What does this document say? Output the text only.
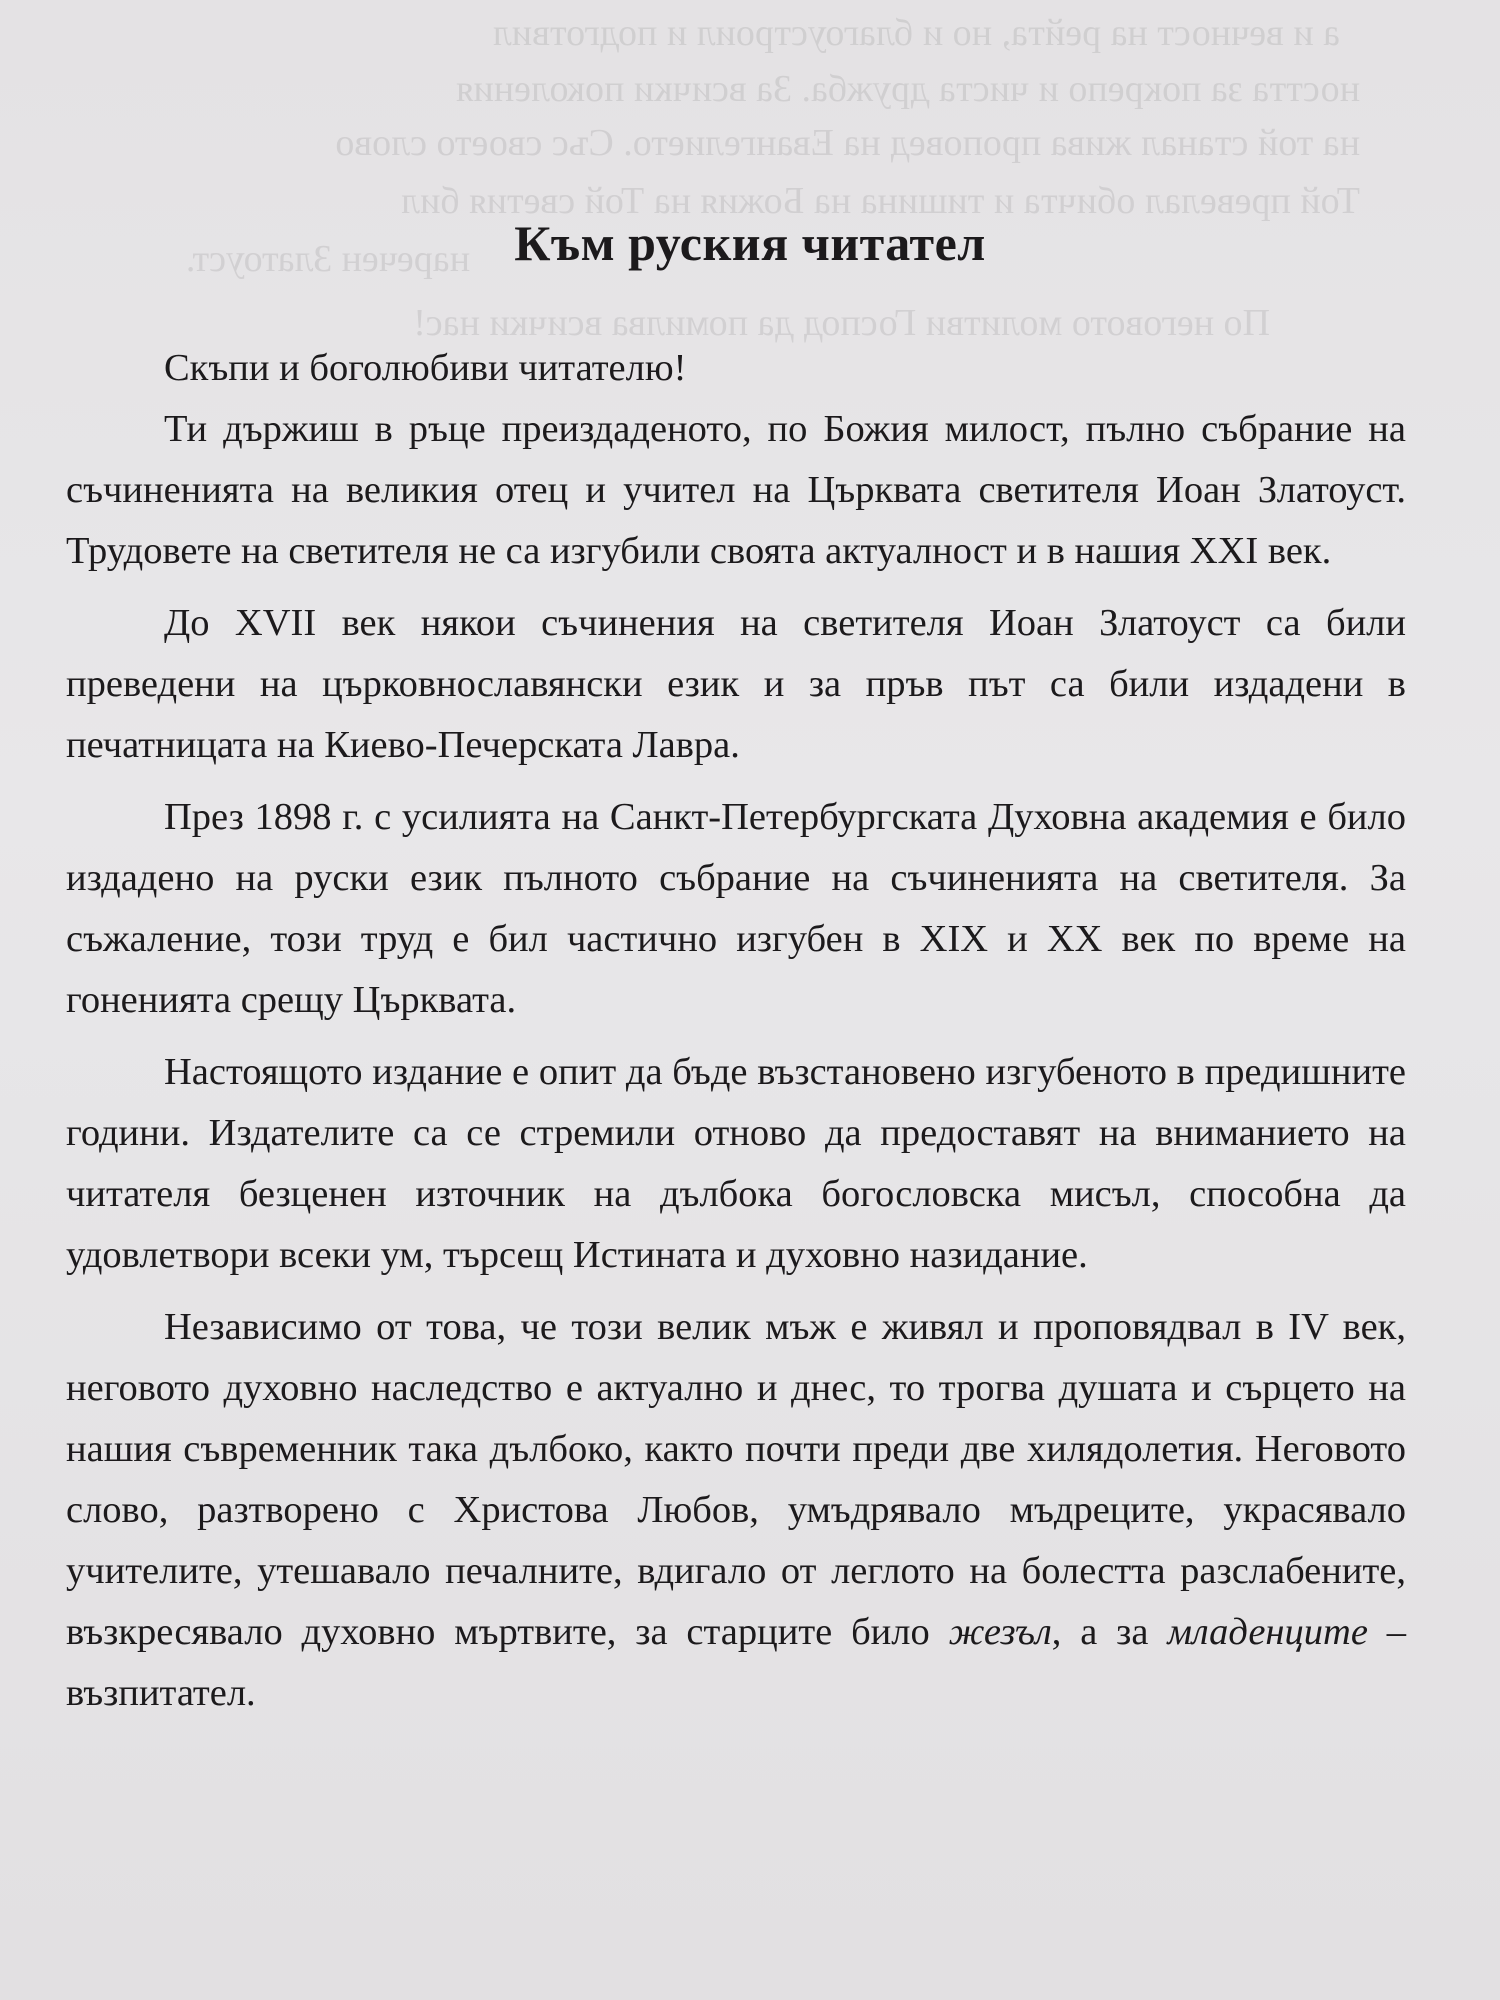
а и вечност на рейта, но и благоустроил и подготвил
ността за покрепо и чиста дружба. За всички поколения
на той станал жива проповед на Евангелието. Със своето слово
Той превелал обичта и тишина на Божия на Той светия бил
наречен Златоуст.
По неговото молитви Господ да помилва всички нас!
Към руския читател

Скъпи и боголюбиви читателю!

Ти държиш в ръце преиздаденото, по Божия милост, пълно събрание на съчиненията на великия отец и учител на Църквата светителя Иоан Златоуст. Трудовете на светителя не са изгубили своята актуалност и в нашия XXI век.

До XVII век някои съчинения на светителя Иоан Златоуст са били преведени на църковнославянски език и за пръв път са били издадени в печатницата на Киево-Печерската Лавра.

През 1898 г. с усилията на Санкт-Петербургската Духовна академия е било издадено на руски език пълното събрание на съчиненията на светителя. За съжаление, този труд е бил частично изгубен в XIX и XX век по време на гоненията срещу Църквата.

Настоящото издание е опит да бъде възстановено изгубеното в предишните години. Издателите са се стремили отново да предоставят на вниманието на читателя безценен източник на дълбока богословска мисъл, способна да удовлетвори всеки ум, търсещ Истината и духовно назидание.

Независимо от това, че този велик мъж е живял и проповядвал в IV век, неговото духовно наследство е актуално и днес, то трогва душата и сърцето на нашия съвременник така дълбоко, както почти преди две хилядолетия. Неговото слово, разтворено с Христова Любов, умъдрявало мъдреците, украсявало учителите, утешавало печалните, вдигало от леглото на болестта разслабените, възкресявало духовно мъртвите, за старците било жезъл, а за младенците – възпитател.
